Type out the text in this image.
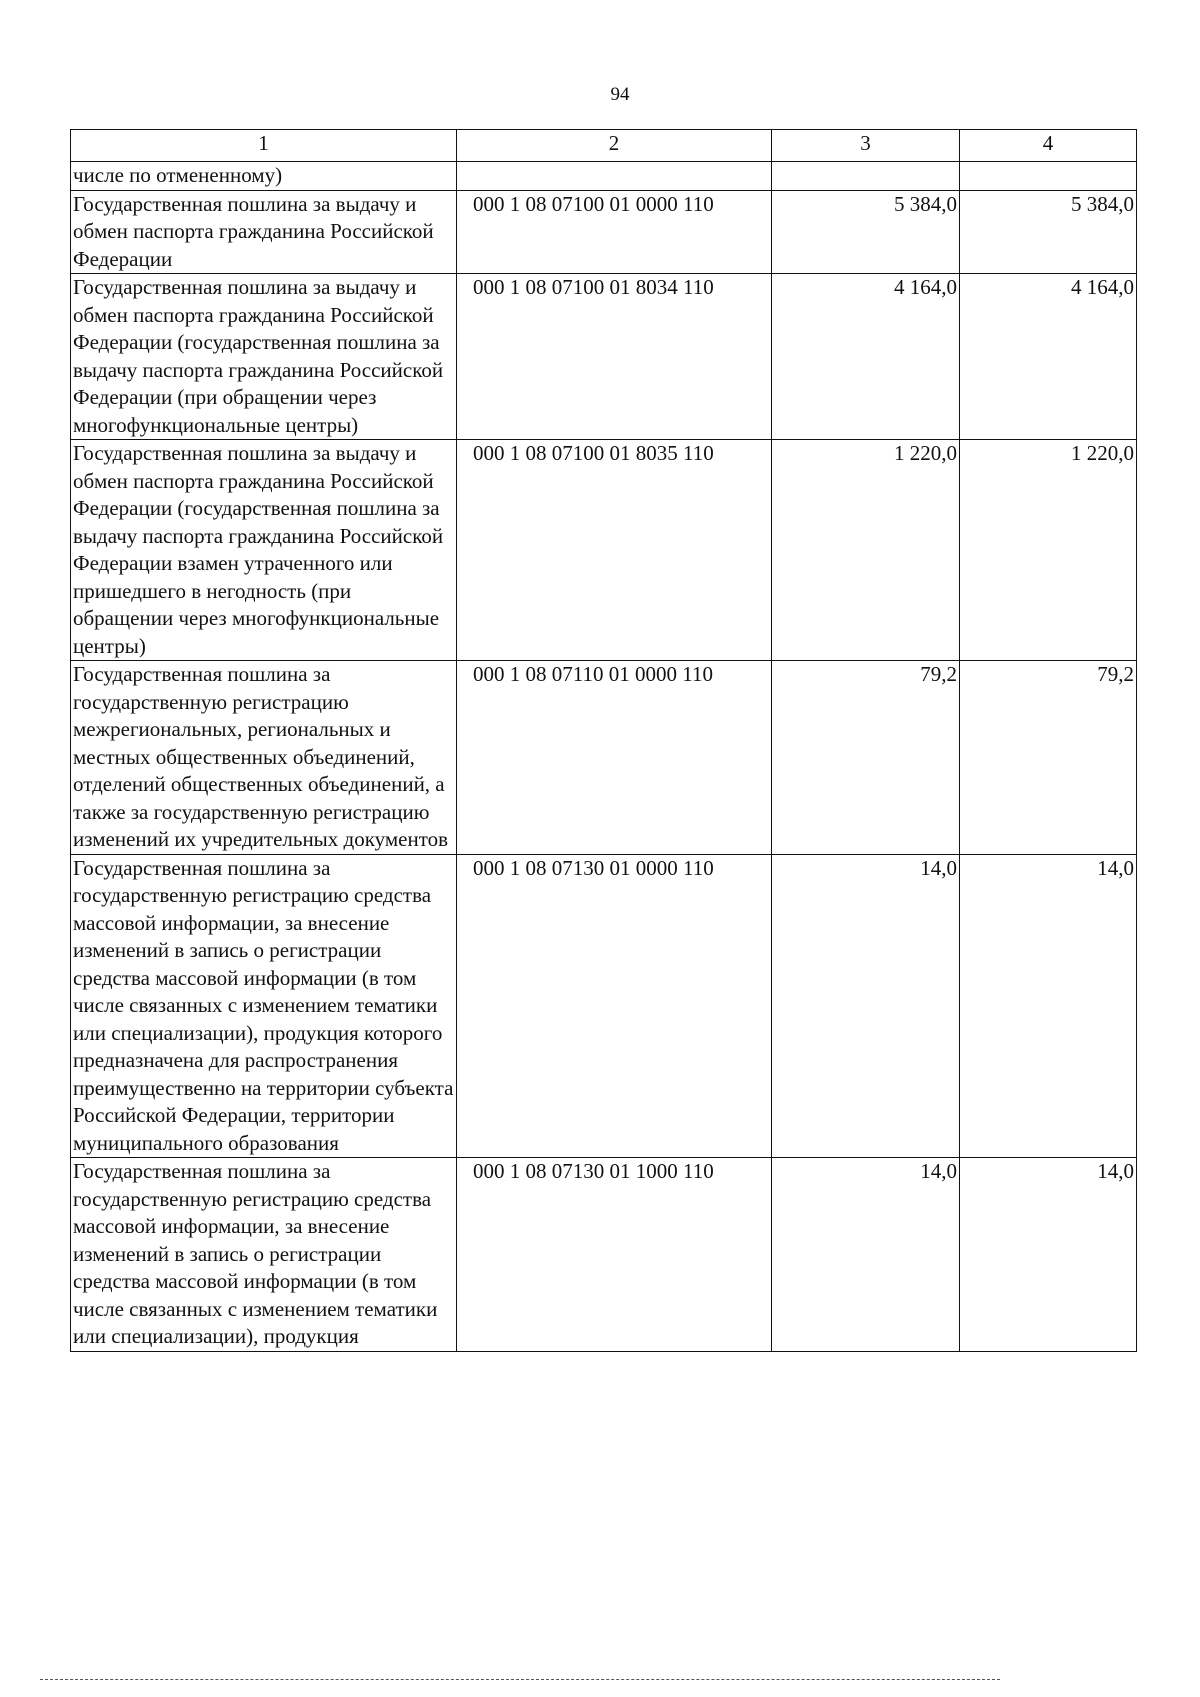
94
1	2	3	4
числе по отмененному)			
Государственная пошлина за выдачу и обмен паспорта гражданина Российской Федерации	000 1 08 07100 01 0000 110	5 384,0	5 384,0
Государственная пошлина за выдачу и обмен паспорта гражданина Российской Федерации (государственная пошлина за выдачу паспорта гражданина Российской Федерации (при обращении через многофункциональные центры)	000 1 08 07100 01 8034 110	4 164,0	4 164,0
Государственная пошлина за выдачу и обмен паспорта гражданина Российской Федерации (государственная пошлина за выдачу паспорта гражданина Российской Федерации взамен утраченного или пришедшего в негодность (при обращении через многофункциональные центры)	000 1 08 07100 01 8035 110	1 220,0	1 220,0
Государственная пошлина за государственную регистрацию межрегиональных, региональных и местных общественных объединений, отделений общественных объединений, а также за государственную регистрацию изменений их учредительных документов	000 1 08 07110 01 0000 110	79,2	79,2
Государственная пошлина за государственную регистрацию средства массовой информации, за внесение изменений в запись о регистрации средства массовой информации (в том числе связанных с изменением тематики или специализации), продукция которого предназначена для распространения преимущественно на территории субъекта Российской Федерации, территории муниципального образования	000 1 08 07130 01 0000 110	14,0	14,0
Государственная пошлина за государственную регистрацию средства массовой информации, за внесение изменений в запись о регистрации средства массовой информации (в том числе связанных с изменением тематики или специализации), продукция	000 1 08 07130 01 1000 110	14,0	14,0
